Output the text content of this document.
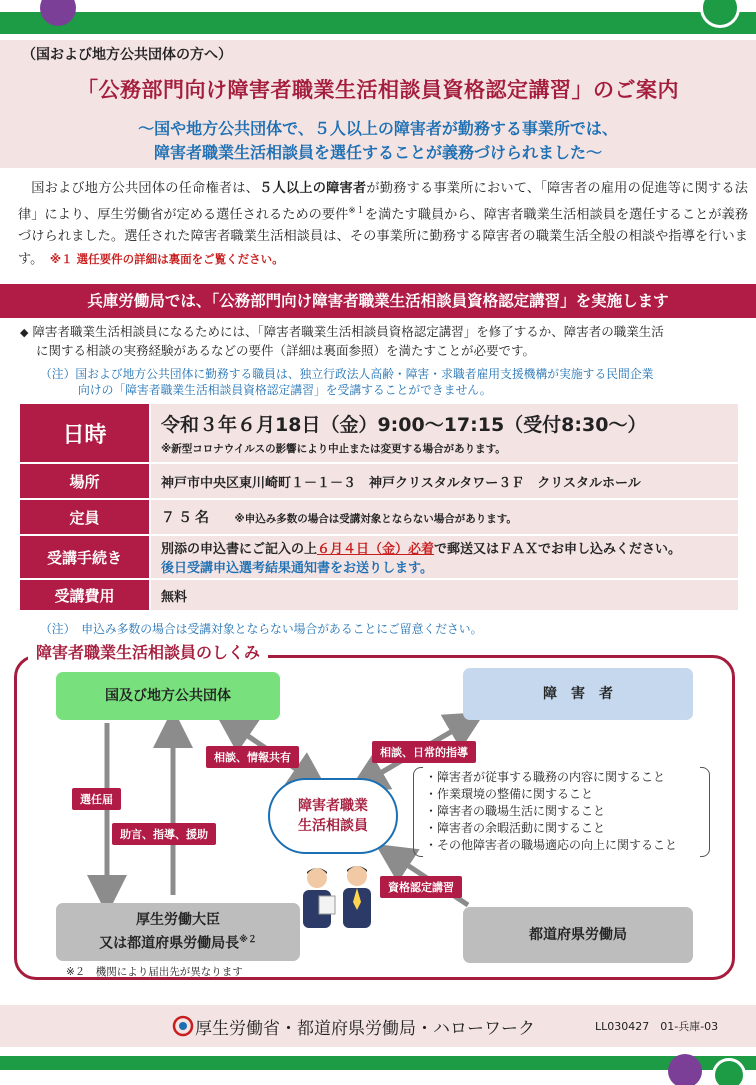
（国および地方公共団体の方へ）
「公務部門向け障害者職業生活相談員資格認定講習」のご案内
～国や地方公共団体で、５人以上の障害者が勤務する事業所では、
障害者職業生活相談員を選任することが義務づけられました～
国および地方公共団体の任命権者は、５人以上の障害者が勤務する事業所において、「障害者の雇用の促進等に関する法律」により、厚生労働省が定める選任されるための要件$^{※1}$を満たす職員から、障害者職業生活相談員を選任することが義務づけられました。選任された障害者職業生活相談員は、その事業所に勤務する障害者の職業生活全般の相談や指導を行います。　 ※１ 選任要件の詳細は裏面をご覧ください。
兵庫労働局では、「公務部門向け障害者職業生活相談員資格認定講習」を実施します
◆ 障害者職業生活相談員になるためには、「障害者職業生活相談員資格認定講習」を修了するか、障害者の職業生活
に関する相談の実務経験があるなどの要件（詳細は裏面参照）を満たすことが必要です。
（注）国および地方公共団体に勤務する職員は、独立行政法人高齢・障害・求職者雇用支援機構が実施する民間企業
向けの「障害者職業生活相談員資格認定講習」を受講することができません。
日時	令和３年６月18日（金）9:00～17:15（受付8:30～）
※新型コロナウイルスの影響により中止または変更する場合があります。

場所	神戸市中央区東川崎町１－１－３　神戸クリスタルタワー３Ｆ　クリスタルホール
定員	７５名 ※申込み多数の場合は受講対象とならない場合があります。
受講手続き	別添の申込書にご記入の上６月４日（金）必着で郵送又はＦＡＸでお申し込みください。
後日受講申込選考結果通知書をお送りします。

受講費用	無料
（注）　申込み多数の場合は受講対象とならない場合があることにご留意ください。
障害者職業生活相談員のしくみ
国及び地方公共団体	障　害　者
障害者職業
生活相談員
厚生労働大臣
又は都道府県労働局長$^{※2}$	都道府県労働局
相談、情報共有	相談、日常的指導
選任届
助言、指導、援助
資格認定講習
・障害者が従事する職務の内容に関すること
・作業環境の整備に関すること
・障害者の職場生活に関すること
・障害者の余暇活動に関すること
・その他障害者の職場適応の向上に関すること
※２　機関により届出先が異なります
厚生労働省・都道府県労働局・ハローワーク	LL030427　01-兵庫-03
